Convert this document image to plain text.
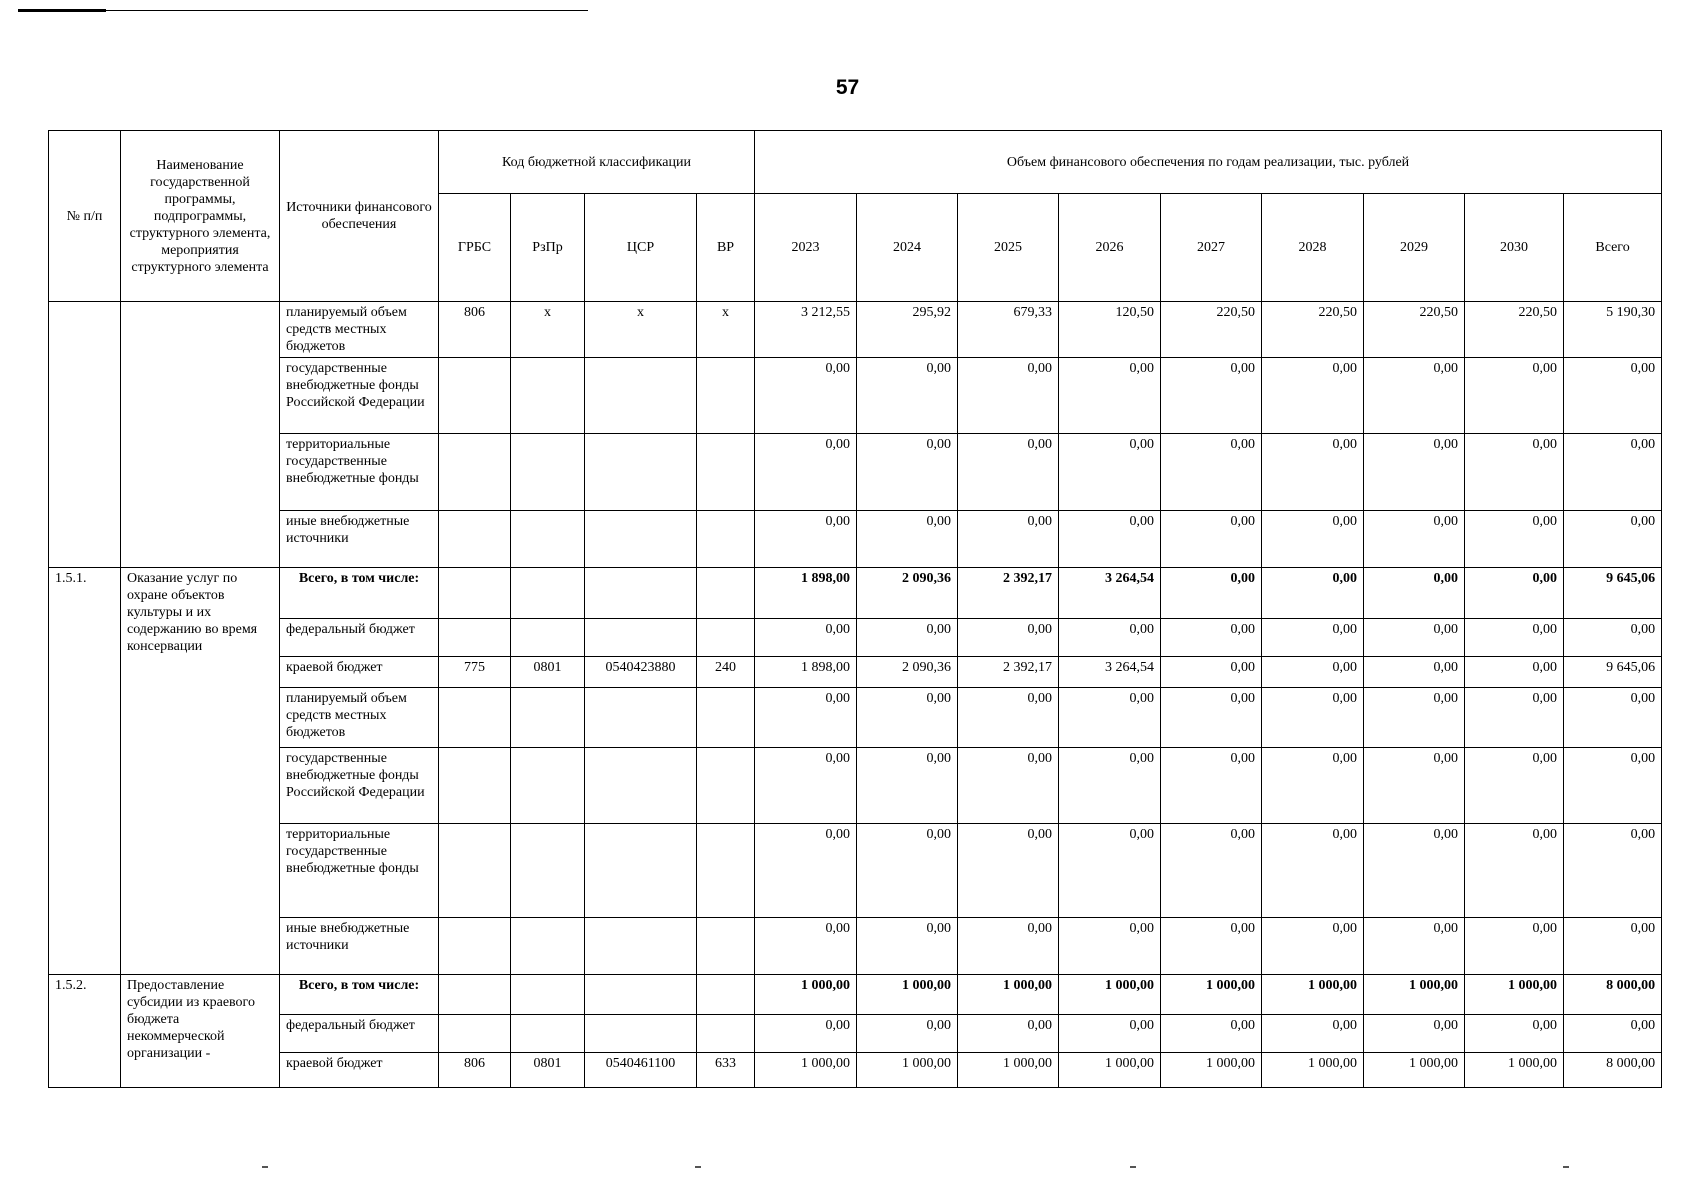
57
№ п/п	Наименование государственной программы, подпрограммы, структурного элемента, мероприятия структурного элемента	Источники финансового обеспечения	Код бюджетной классификации				Объем финансового обеспечения по годам реализации, тыс. рублей								
			ГРБС	РзПр	ЦСР	ВР	2023	2024	2025	2026	2027	2028	2029	2030	Всего
		планируемый объем средств местных бюджетов	806	x	x	x	3 212,55	295,92	679,33	120,50	220,50	220,50	220,50	220,50	5 190,30
		государственные внебюджетные фонды Российской Федерации					0,00	0,00	0,00	0,00	0,00	0,00	0,00	0,00	0,00
		территориальные государственные внебюджетные фонды					0,00	0,00	0,00	0,00	0,00	0,00	0,00	0,00	0,00
		иные внебюджетные источники					0,00	0,00	0,00	0,00	0,00	0,00	0,00	0,00	0,00
1.5.1.	Оказание услуг по охране объектов культуры и их содержанию во время консервации	Всего, в том числе:					1 898,00	2 090,36	2 392,17	3 264,54	0,00	0,00	0,00	0,00	9 645,06
		федеральный бюджет					0,00	0,00	0,00	0,00	0,00	0,00	0,00	0,00	0,00
		краевой бюджет	775	0801	0540423880	240	1 898,00	2 090,36	2 392,17	3 264,54	0,00	0,00	0,00	0,00	9 645,06
		планируемый объем средств местных бюджетов					0,00	0,00	0,00	0,00	0,00	0,00	0,00	0,00	0,00
		государственные внебюджетные фонды Российской Федерации					0,00	0,00	0,00	0,00	0,00	0,00	0,00	0,00	0,00
		территориальные государственные внебюджетные фонды					0,00	0,00	0,00	0,00	0,00	0,00	0,00	0,00	0,00
		иные внебюджетные источники					0,00	0,00	0,00	0,00	0,00	0,00	0,00	0,00	0,00
1.5.2.	Предоставление субсидии из краевого бюджета некоммерческой организации -	Всего, в том числе:					1 000,00	1 000,00	1 000,00	1 000,00	1 000,00	1 000,00	1 000,00	1 000,00	8 000,00
		федеральный бюджет					0,00	0,00	0,00	0,00	0,00	0,00	0,00	0,00	0,00
		краевой бюджет	806	0801	0540461100	633	1 000,00	1 000,00	1 000,00	1 000,00	1 000,00	1 000,00	1 000,00	1 000,00	8 000,00
